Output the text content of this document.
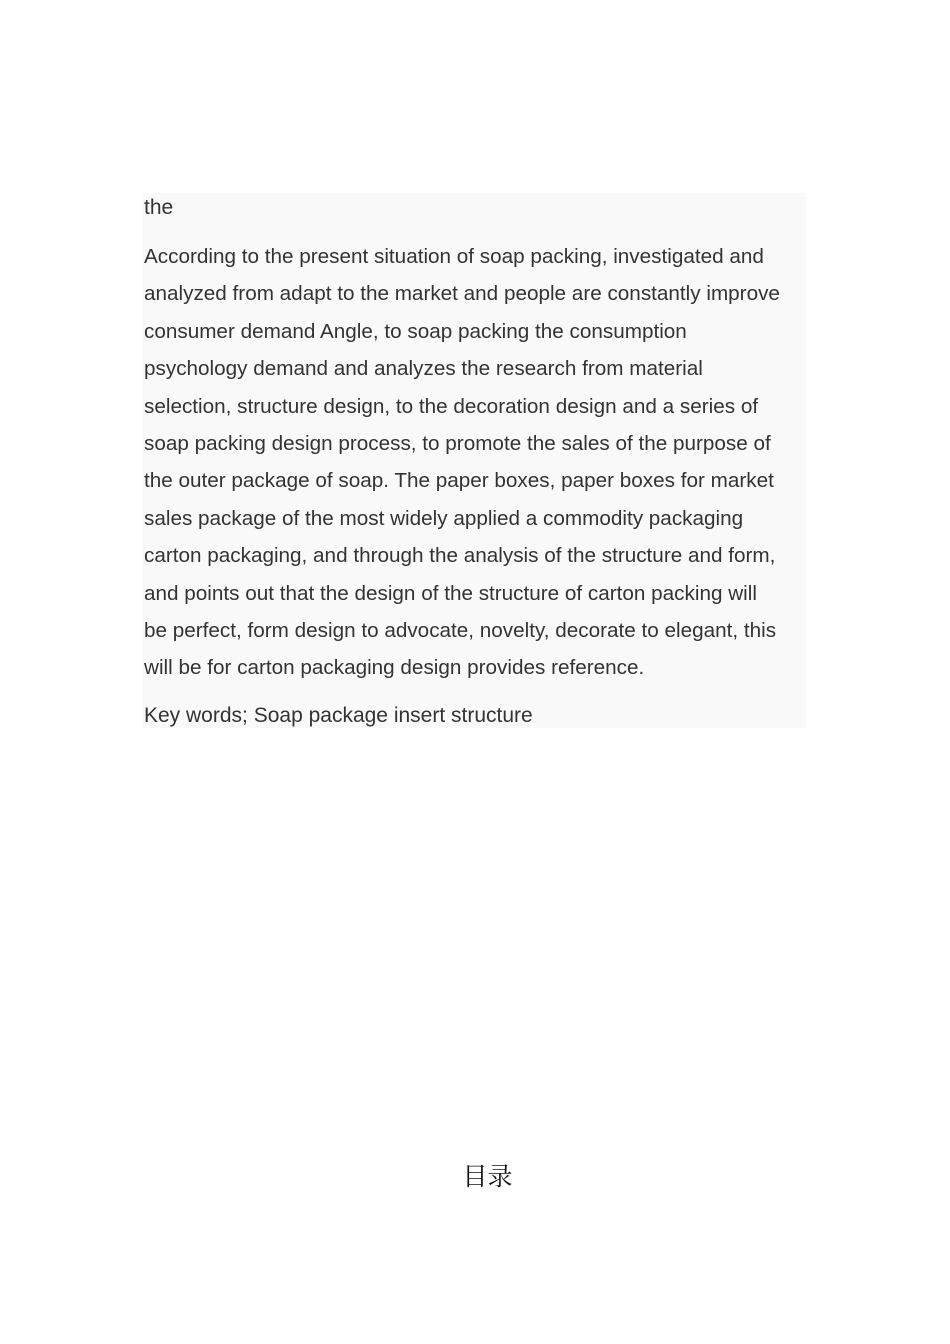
the

According to the present situation of soap packing, investigated and
analyzed from adapt to the market and people are constantly improve
consumer demand Angle, to soap packing the consumption
psychology demand and analyzes the research from material
selection, structure design, to the decoration design and a series of
soap packing design process, to promote the sales of the purpose of
the outer package of soap. The paper boxes, paper boxes for market
sales package of the most widely applied a commodity packaging
carton packaging, and through the analysis of the structure and form,
and points out that the design of the structure of carton packing will
be perfect, form design to advocate, novelty, decorate to elegant, this
will be for carton packaging design provides reference.

Key words; Soap package insert structure

目录
